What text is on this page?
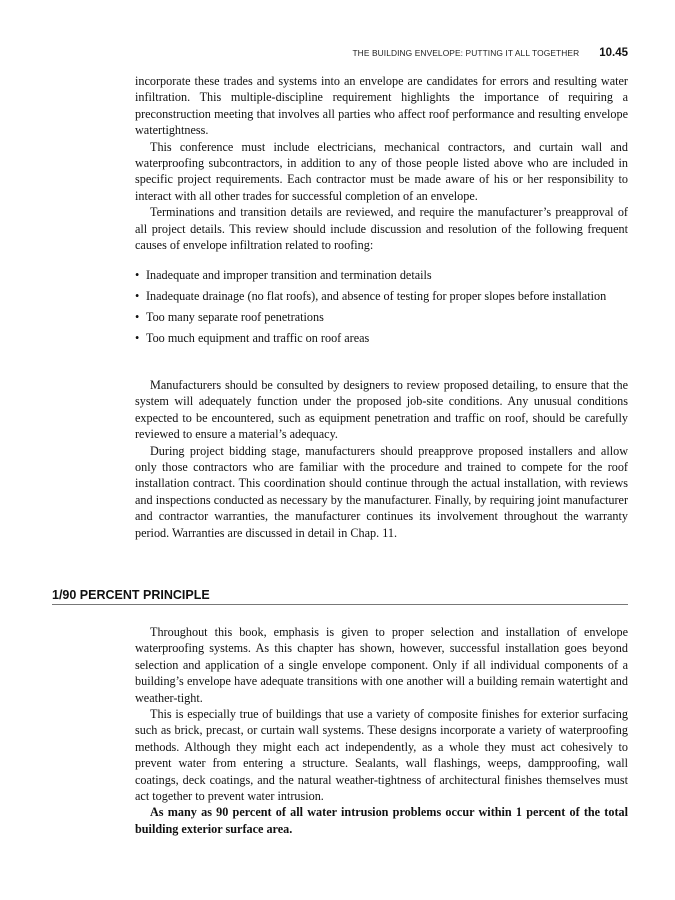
THE BUILDING ENVELOPE: PUTTING IT ALL TOGETHER 10.45

incorporate these trades and systems into an envelope are candidates for errors and resulting water infiltration. This multiple-discipline requirement highlights the importance of requiring a preconstruction meeting that involves all parties who affect roof performance and resulting envelope watertightness.

This conference must include electricians, mechanical contractors, and curtain wall and waterproofing subcontractors, in addition to any of those people listed above who are included in specific project requirements. Each contractor must be made aware of his or her responsibility to interact with all other trades for successful completion of an envelope.

Terminations and transition details are reviewed, and require the manufacturer’s preapproval of all project details. This review should include discussion and resolution of the following frequent causes of envelope infiltration related to roofing:

• Inadequate and improper transition and termination details
• Inadequate drainage (no flat roofs), and absence of testing for proper slopes before installation
• Too many separate roof penetrations
• Too much equipment and traffic on roof areas

Manufacturers should be consulted by designers to review proposed detailing, to ensure that the system will adequately function under the proposed job-site conditions. Any unusual conditions expected to be encountered, such as equipment penetration and traffic on roof, should be carefully reviewed to ensure a material’s adequacy.

During project bidding stage, manufacturers should preapprove proposed installers and allow only those contractors who are familiar with the procedure and trained to compete for the roof installation contract. This coordination should continue through the actual installation, with reviews and inspections conducted as necessary by the manufacturer. Finally, by requiring joint manufacturer and contractor warranties, the manufacturer continues its involvement throughout the warranty period. Warranties are discussed in detail in Chap. 11.

1/90 PERCENT PRINCIPLE

Throughout this book, emphasis is given to proper selection and installation of envelope waterproofing systems. As this chapter has shown, however, successful installation goes beyond selection and application of a single envelope component. Only if all individual components of a building’s envelope have adequate transitions with one another will a building remain watertight and weather-tight.

This is especially true of buildings that use a variety of composite finishes for exterior surfacing such as brick, precast, or curtain wall systems. These designs incorporate a variety of waterproofing methods. Although they might each act independently, as a whole they must act cohesively to prevent water from entering a structure. Sealants, wall flashings, weeps, dampproofing, wall coatings, deck coatings, and the natural weather-tightness of architectural finishes themselves must act together to prevent water intrusion.

As many as 90 percent of all water intrusion problems occur within 1 percent of the total building exterior surface area.
